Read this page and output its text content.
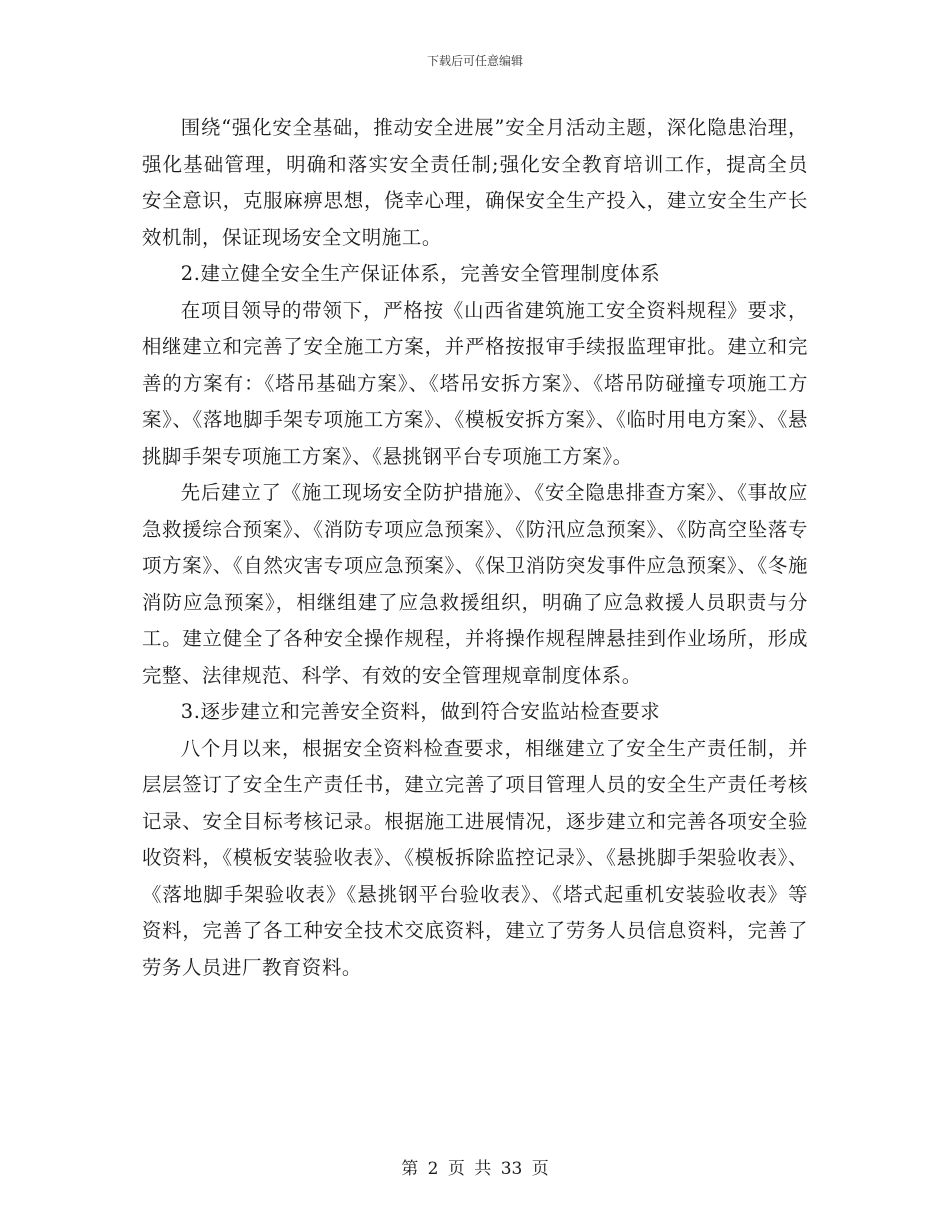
下载后可任意编辑

围绕“强化安全基础，推动安全进展”安全月活动主题，深化隐患治理，强化基础管理，明确和落实安全责任制;强化安全教育培训工作，提高全员安全意识，克服麻痹思想，侥幸心理，确保安全生产投入，建立安全生产长效机制，保证现场安全文明施工。

2.建立健全安全生产保证体系，完善安全管理制度体系

在项目领导的带领下，严格按《山西省建筑施工安全资料规程》要求，相继建立和完善了安全施工方案，并严格按报审手续报监理审批。建立和完善的方案有：《塔吊基础方案》、《塔吊安拆方案》、《塔吊防碰撞专项施工方案》、《落地脚手架专项施工方案》、《模板安拆方案》、《临时用电方案》、《悬挑脚手架专项施工方案》、《悬挑钢平台专项施工方案》。

先后建立了《施工现场安全防护措施》、《安全隐患排查方案》、《事故应急救援综合预案》、《消防专项应急预案》、《防汛应急预案》、《防高空坠落专项方案》、《自然灾害专项应急预案》、《保卫消防突发事件应急预案》、《冬施消防应急预案》，相继组建了应急救援组织，明确了应急救援人员职责与分工。建立健全了各种安全操作规程，并将操作规程牌悬挂到作业场所，形成完整、法律规范、科学、有效的安全管理规章制度体系。

3.逐步建立和完善安全资料，做到符合安监站检查要求

八个月以来，根据安全资料检查要求，相继建立了安全生产责任制，并层层签订了安全生产责任书，建立完善了项目管理人员的安全生产责任考核记录、安全目标考核记录。根据施工进展情况，逐步建立和完善各项安全验收资料，《模板安装验收表》、《模板拆除监控记录》、《悬挑脚手架验收表》、《落地脚手架验收表》《悬挑钢平台验收表》、《塔式起重机安装验收表》等资料，完善了各工种安全技术交底资料，建立了劳务人员信息资料，完善了劳务人员进厂教育资料。

第 2 页 共 33 页
